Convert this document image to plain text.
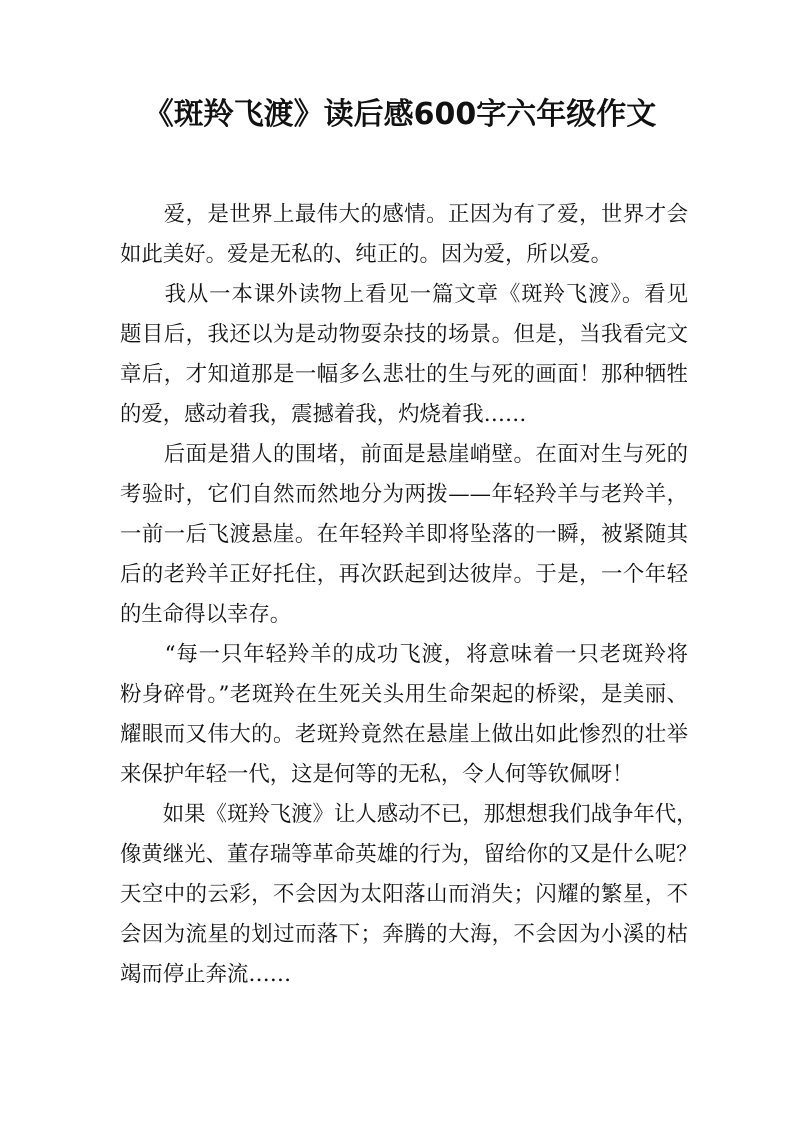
《斑羚飞渡》读后感600字六年级作文
　　爱，是世界上最伟大的感情。正因为有了爱，世界才会
如此美好。爱是无私的、纯正的。因为爱，所以爱。
　　我从一本课外读物上看见一篇文章《斑羚飞渡》。看见
题目后，我还以为是动物耍杂技的场景。但是，当我看完文
章后，才知道那是一幅多么悲壮的生与死的画面！那种牺牲
的爱，感动着我，震撼着我，灼烧着我……
　　后面是猎人的围堵，前面是悬崖峭壁。在面对生与死的
考验时，它们自然而然地分为两拨——年轻羚羊与老羚羊，
一前一后飞渡悬崖。在年轻羚羊即将坠落的一瞬，被紧随其
后的老羚羊正好托住，再次跃起到达彼岸。于是，一个年轻
的生命得以幸存。
　　“每一只年轻羚羊的成功飞渡，将意味着一只老斑羚将
粉身碎骨。”老斑羚在生死关头用生命架起的桥梁，是美丽、
耀眼而又伟大的。老斑羚竟然在悬崖上做出如此惨烈的壮举
来保护年轻一代，这是何等的无私，令人何等钦佩呀！
　　如果《斑羚飞渡》让人感动不已，那想想我们战争年代，
像黄继光、董存瑞等革命英雄的行为，留给你的又是什么呢？
天空中的云彩，不会因为太阳落山而消失；闪耀的繁星，不
会因为流星的划过而落下；奔腾的大海，不会因为小溪的枯
竭而停止奔流……
